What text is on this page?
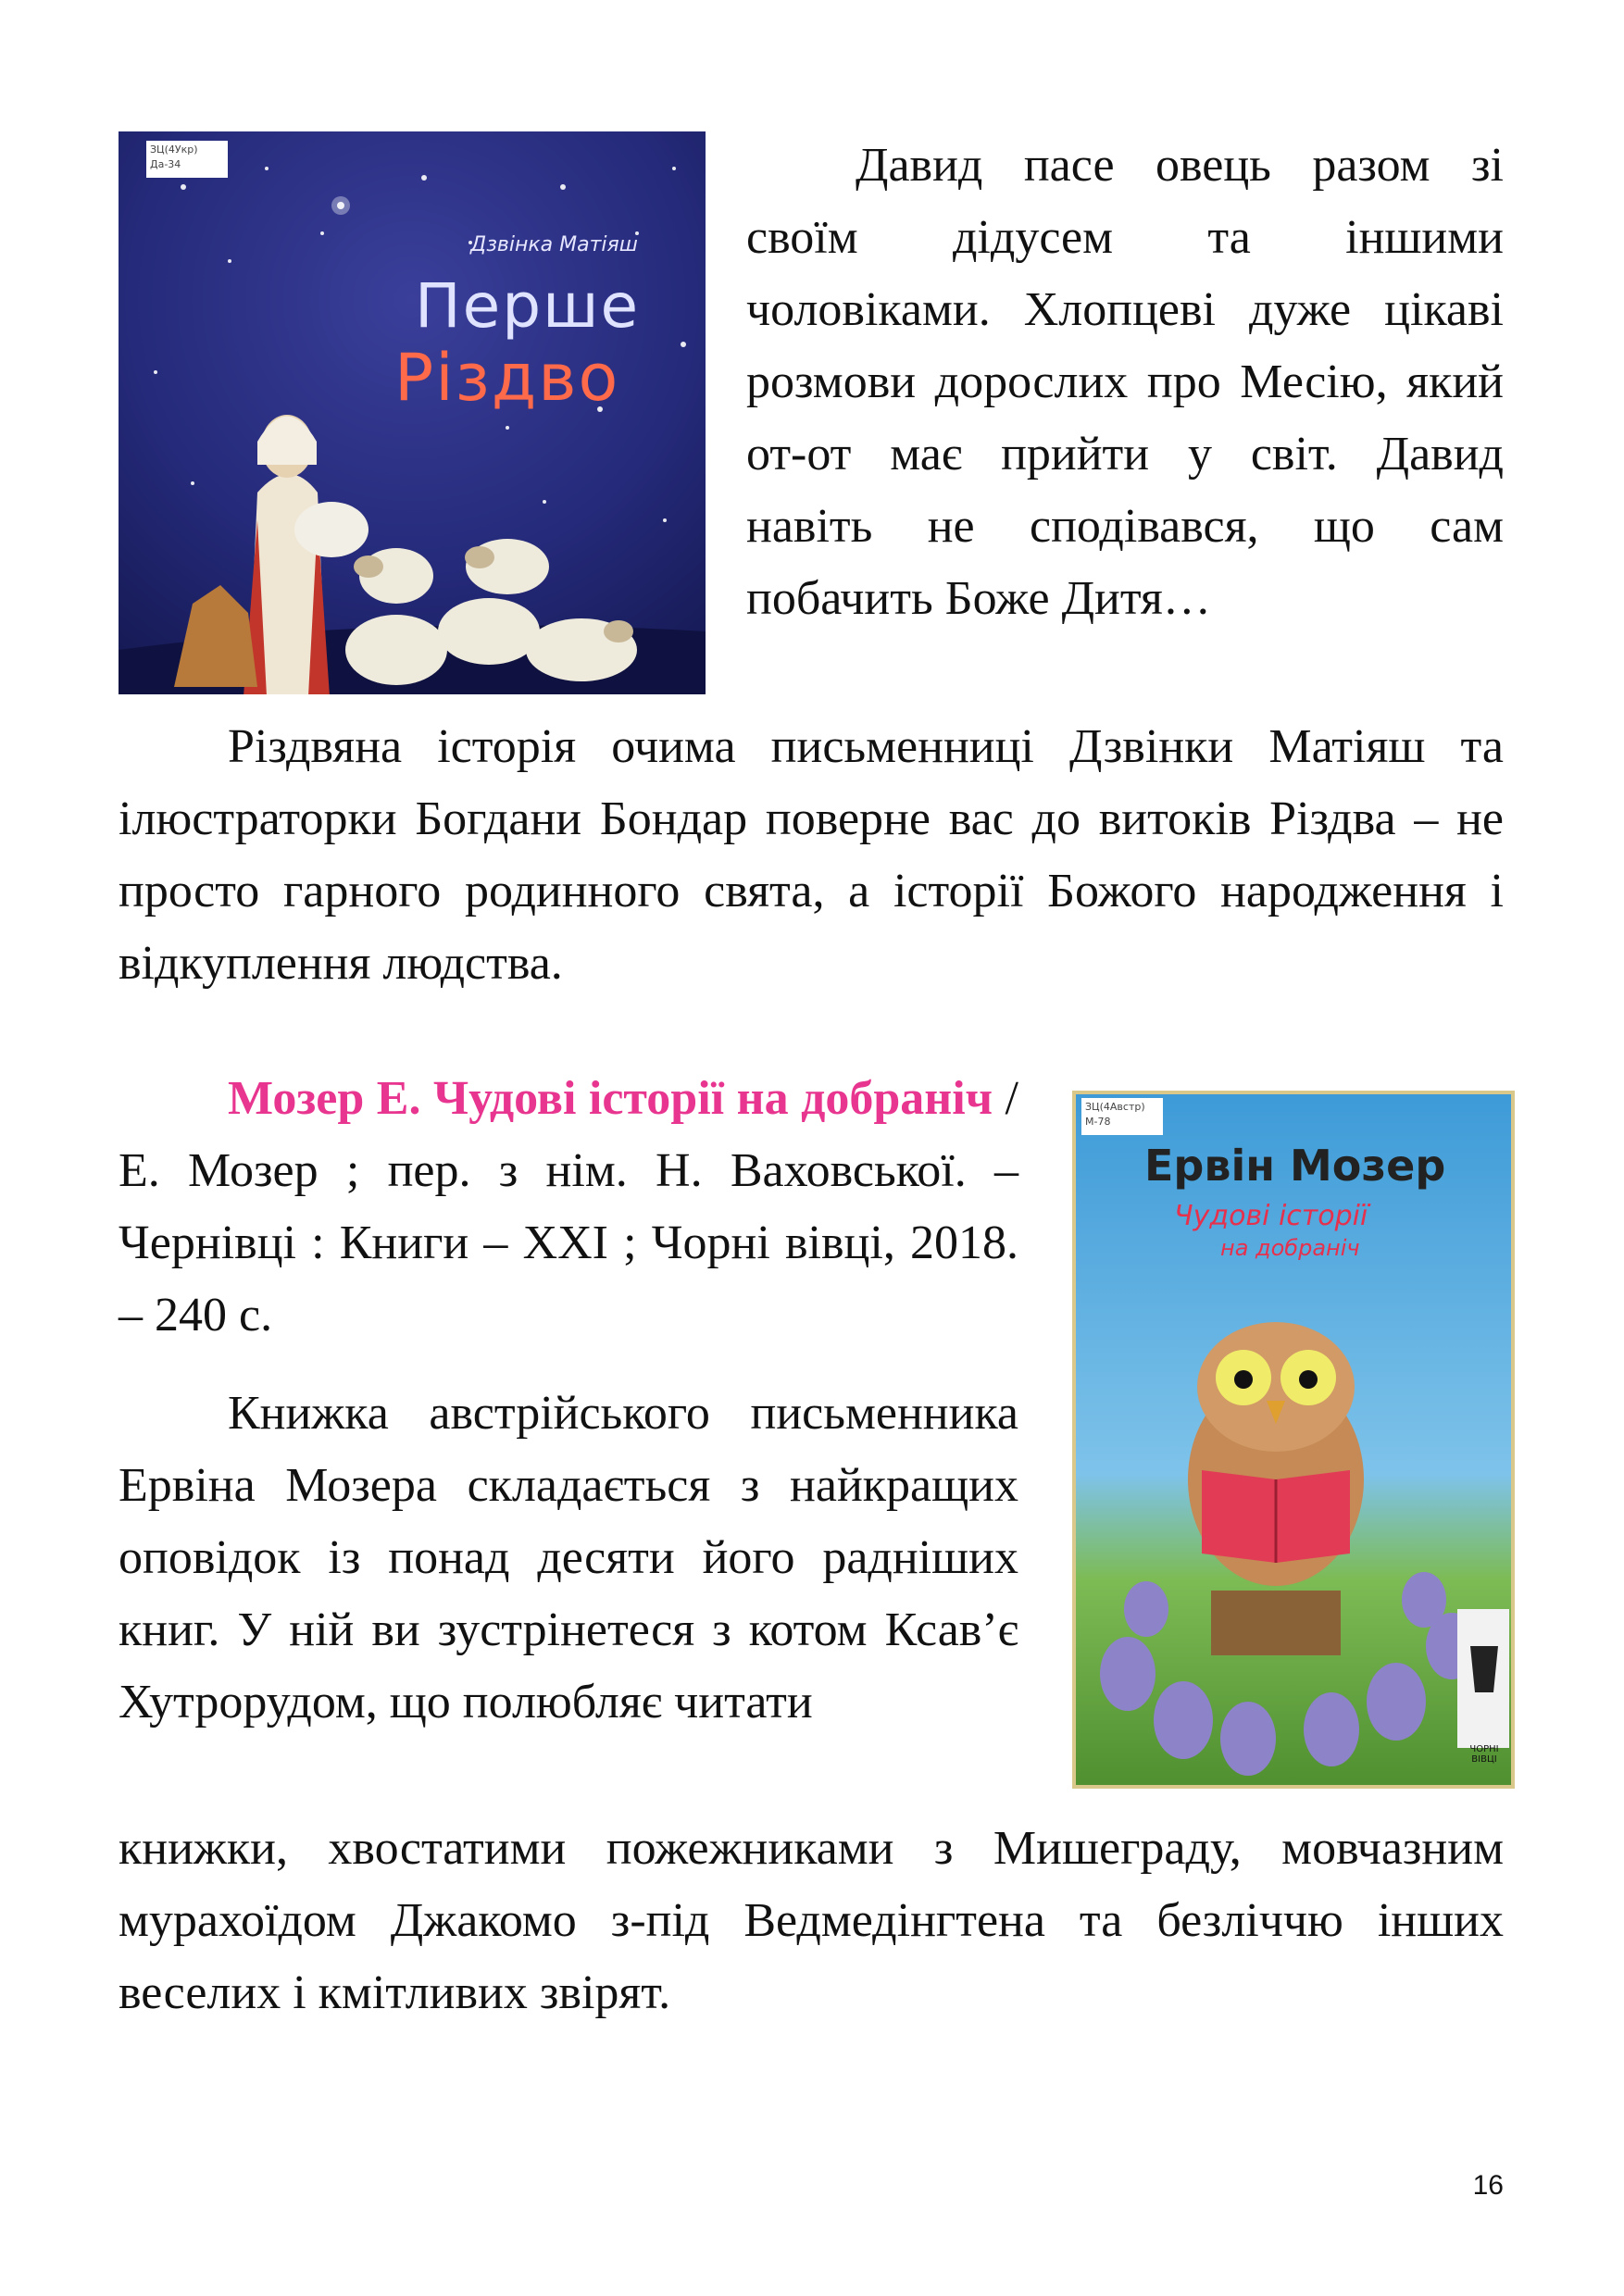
Дзвінка Матіяш
Перше
Різдво
ЗЦ(4Укр)
Да-34	Давид пасе овець разом зі своїм дідусем та іншими чоловіками. Хлопцеві дуже цікаві розмови дорослих про Месію, який от-от має прийти у світ. Давид навіть не сподівався, що сам побачить Боже Дитя…

Різдвяна історія очима письменниці Дзвінки Матіяш та ілюстраторки Богдани Бондар поверне вас до витоків Різдва – не просто гарного родинного свята, а історії Божого народження і відкуплення людства.

Мозер Е. Чудові історії на добраніч / Е. Мозер ; пер. з нім. Н. Ваховської. – Чернівці : Книги – XXI ; Чорні вівці, 2018. – 240 с.

Ервін Мозер
Чудові історії
на добраніч
ЧОРНІ ВІВЦІ
ЗЦ(4Австр)
М-78

Книжка австрійського письменника Ервіна Мозера складається з найкращих оповідок із понад десяти його радніших книг. У ній ви зустрінетеся з котом Ксав’є Хутрорудом, що полюбляє читати

книжки, хвостатими пожежниками з Мишеграду, мовчазним мурахоїдом Джакомо з-під Ведмедінгтена та безліччю інших веселих і кмітливих звірят.

16
